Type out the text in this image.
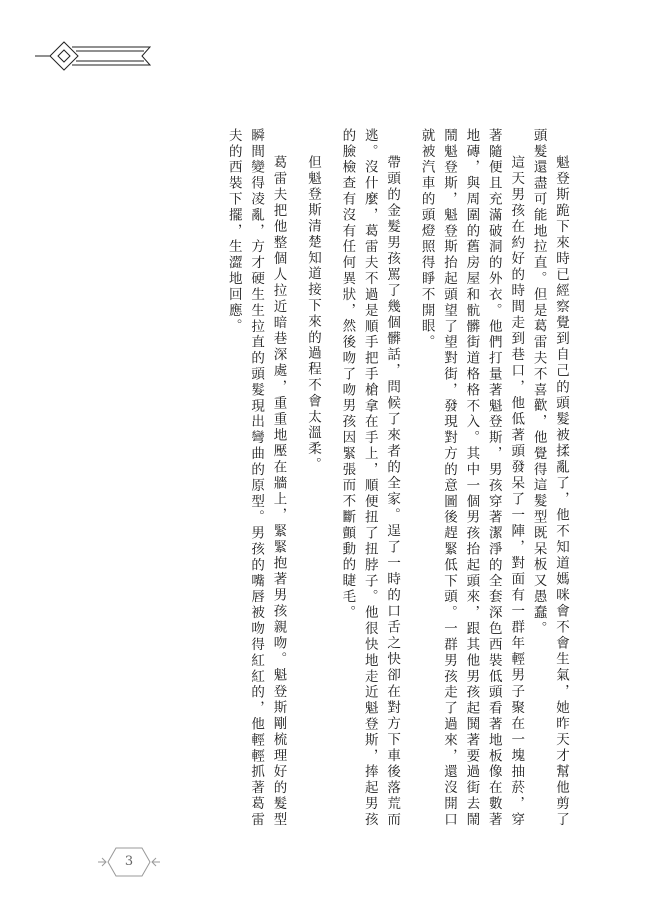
魁登斯跪下來時已經察覺到自己的頭髮被揉亂了，他不知道媽咪會不會生氣，她昨天才幫他剪了頭髮還盡可能地拉直。但是葛雷夫不喜歡，他覺得這髮型既呆板又愚蠢。

這天男孩在約好的時間走到巷口，他低著頭發呆了一陣，對面有一群年輕男子聚在一塊抽菸，穿著隨便且充滿破洞的外衣。他們打量著魁登斯，男孩穿著潔淨的全套深色西裝低頭看著地板像在數著地磚，與周圍的舊房屋和骯髒街道格格不入。其中一個男孩抬起頭來，跟其他男孩起鬨著要過街去鬧鬧魁登斯，魁登斯抬起頭望了望對街，發現對方的意圖後趕緊低下頭。一群男孩走了過來，還沒開口就被汽車的頭燈照得睜不開眼。

帶頭的金髮男孩罵了幾個髒話，問候了來者的全家。逞了一時的口舌之快卻在對方下車後落荒而逃。沒什麼，葛雷夫不過是順手把手槍拿在手上，順便扭了扭脖子。他很快地走近魁登斯，捧起男孩的臉檢查有沒有任何異狀，然後吻了吻男孩因緊張而不斷顫動的睫毛。

但魁登斯清楚知道接下來的過程不會太溫柔。

葛雷夫把他整個人拉近暗巷深處，重重地壓在牆上，緊緊抱著男孩親吻。魁登斯剛梳理好的髮型瞬間變得凌亂，方才硬生生拉直的頭髮現出彎曲的原型。男孩的嘴唇被吻得紅紅的，他輕輕抓著葛雷夫的西裝下擺，生澀地回應。

3
